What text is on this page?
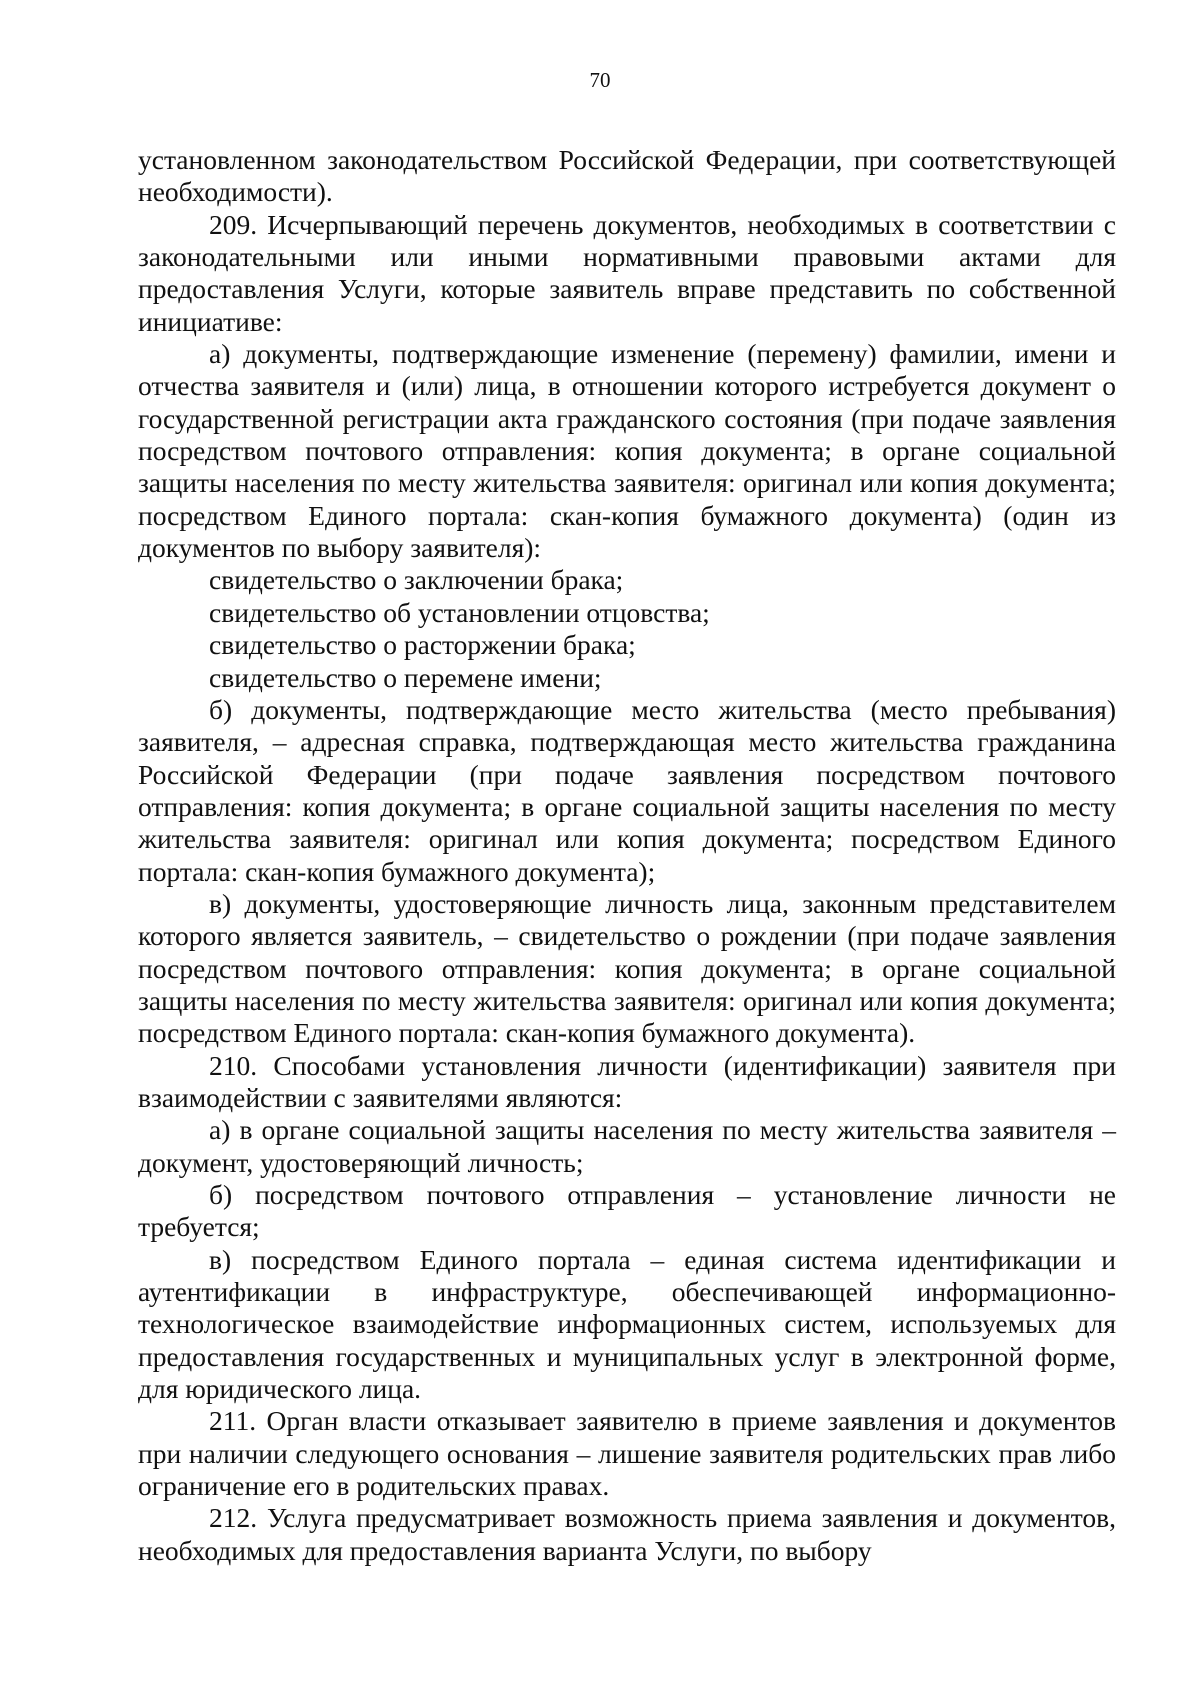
70

установленном законодательством Российской Федерации, при соответствующей необходимости).

209. Исчерпывающий перечень документов, необходимых в соответствии с законодательными или иными нормативными правовыми актами для предоставления Услуги, которые заявитель вправе представить по собственной инициативе:

а) документы, подтверждающие изменение (перемену) фамилии, имени и отчества заявителя и (или) лица, в отношении которого истребуется документ о государственной регистрации акта гражданского состояния (при подаче заявления посредством почтового отправления: копия документа; в органе социальной защиты населения по месту жительства заявителя: оригинал или копия документа; посредством Единого портала: скан-копия бумажного документа) (один из документов по выбору заявителя):

свидетельство о заключении брака;

свидетельство об установлении отцовства;

свидетельство о расторжении брака;

свидетельство о перемене имени;

б) документы, подтверждающие место жительства (место пребывания) заявителя, – адресная справка, подтверждающая место жительства гражданина Российской Федерации (при подаче заявления посредством почтового отправления: копия документа; в органе социальной защиты населения по месту жительства заявителя: оригинал или копия документа; посредством Единого портала: скан-копия бумажного документа);

в) документы, удостоверяющие личность лица, законным представителем которого является заявитель, – свидетельство о рождении (при подаче заявления посредством почтового отправления: копия документа; в органе социальной защиты населения по месту жительства заявителя: оригинал или копия документа; посредством Единого портала: скан-копия бумажного документа).

210. Способами установления личности (идентификации) заявителя при взаимодействии с заявителями являются:

а) в органе социальной защиты населения по месту жительства заявителя – документ, удостоверяющий личность;

б) посредством почтового отправления – установление личности не требуется;

в) посредством Единого портала – единая система идентификации и аутентификации в инфраструктуре, обеспечивающей информационно-технологическое взаимодействие информационных систем, используемых для предоставления государственных и муниципальных услуг в электронной форме, для юридического лица.

211. Орган власти отказывает заявителю в приеме заявления и документов при наличии следующего основания – лишение заявителя родительских прав либо ограничение его в родительских правах.

212. Услуга предусматривает возможность приема заявления и документов, необходимых для предоставления варианта Услуги, по выбору
